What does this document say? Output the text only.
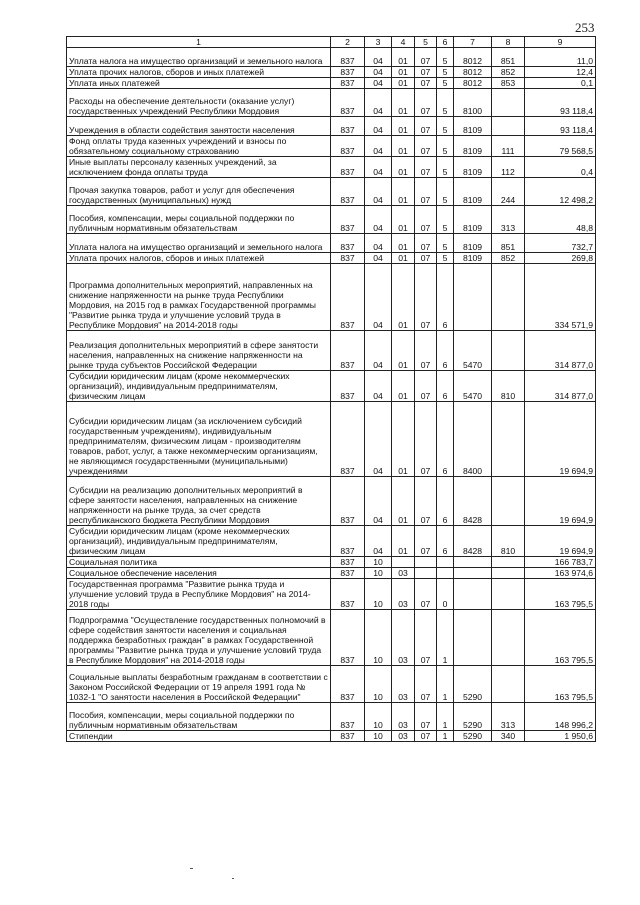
253
1	2	3	4	5	6	7	8	9
Уплата налога на имущество организаций и земельного налога	837	04	01	07	5	8012	851	11,0
Уплата прочих налогов, сборов и иных платежей	837	04	01	07	5	8012	852	12,4
Уплата иных платежей	837	04	01	07	5	8012	853	0,1
Расходы на обеспечение деятельности (оказание услуг) государственных учреждений Республики Мордовия	837	04	01	07	5	8100		93 118,4
Учреждения в области содействия занятости населения	837	04	01	07	5	8109		93 118,4
Фонд оплаты труда казенных учреждений и взносы по обязательному социальному страхованию	837	04	01	07	5	8109	111	79 568,5
Иные выплаты персоналу казенных учреждений, за исключением фонда оплаты труда	837	04	01	07	5	8109	112	0,4
Прочая закупка товаров, работ и услуг для обеспечения государственных (муниципальных) нужд	837	04	01	07	5	8109	244	12 498,2
Пособия, компенсации, меры социальной поддержки по публичным нормативным обязательствам	837	04	01	07	5	8109	313	48,8
Уплата налога на имущество организаций и земельного налога	837	04	01	07	5	8109	851	732,7
Уплата прочих налогов, сборов и иных платежей	837	04	01	07	5	8109	852	269,8
Программа дополнительных мероприятий, направленных на снижение напряженности на рынке труда Республики Мордовия, на 2015 год в рамках Государственной программы "Развитие рынка труда и улучшение условий труда в Республике Мордовия" на 2014-2018 годы	837	04	01	07	6			334 571,9
Реализация дополнительных мероприятий в сфере занятости населения, направленных на снижение напряженности на рынке труда субъектов Российской Федерации	837	04	01	07	6	5470		314 877,0
Субсидии юридическим лицам (кроме некоммерческих организаций), индивидуальным предпринимателям, физическим лицам	837	04	01	07	6	5470	810	314 877,0
Субсидии юридическим лицам (за исключением субсидий государственным учреждениям), индивидуальным предпринимателям, физическим лицам - производителям товаров, работ, услуг, а также некоммерческим организациям, не являющимся государственными (муниципальными) учреждениями	837	04	01	07	6	8400		19 694,9
Субсидии на реализацию дополнительных мероприятий в сфере занятости населения, направленных на снижение напряженности на рынке труда, за счет средств республиканского бюджета Республики Мордовия	837	04	01	07	6	8428		19 694,9
Субсидии юридическим лицам (кроме некоммерческих организаций), индивидуальным предпринимателям, физическим лицам	837	04	01	07	6	8428	810	19 694,9
Социальная политика	837	10						166 783,7
Социальное обеспечение населения	837	10	03					163 974,6
Государственная программа "Развитие рынка труда и улучшение условий труда в Республике Мордовия" на 2014-2018 годы	837	10	03	07	0			163 795,5
Подпрограмма "Осуществление государственных полномочий в сфере содействия занятости населения и социальная поддержка безработных граждан" в рамках Государственной программы "Развитие рынка труда и улучшение условий труда в Республике Мордовия" на 2014-2018 годы	837	10	03	07	1			163 795,5
Социальные выплаты безработным гражданам в соответствии с Законом Российской Федерации от 19 апреля 1991 года № 1032-1 "О занятости населения в Российской Федерации"	837	10	03	07	1	5290		163 795,5
Пособия, компенсации, меры социальной поддержки по публичным нормативным обязательствам	837	10	03	07	1	5290	313	148 996,2
Стипендии	837	10	03	07	1	5290	340	1 950,6
